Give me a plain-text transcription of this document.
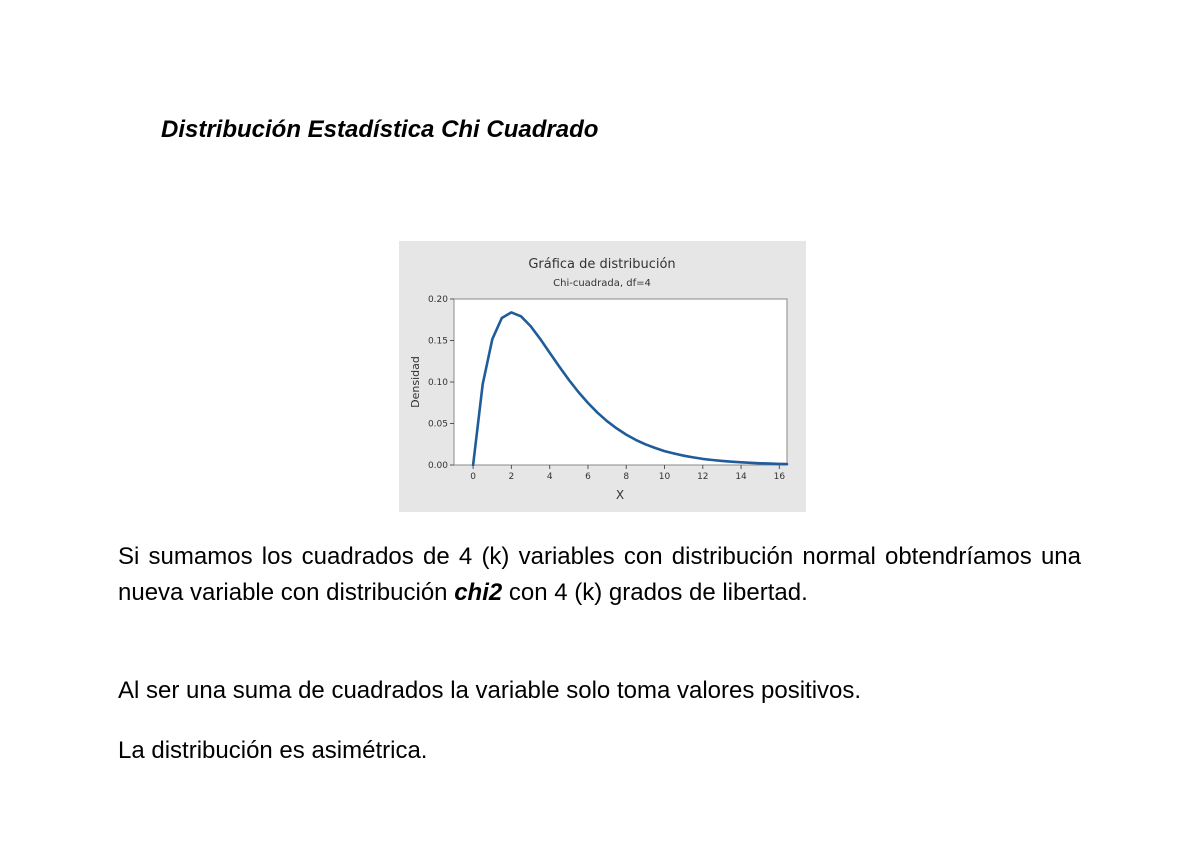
Distribución Estadística Chi Cuadrado
Gráfica de distribución
Chi-cuadrada, df=4
0	2	4	6	8	10	12	14	16
0.00
0.05
0.10
0.15
0.20
X
Densidad

Si sumamos los cuadrados de 4 (k) variables con distribución normal obtendríamos una nueva variable con distribución chi2 con 4 (k) grados de libertad.

Al ser una suma de cuadrados la variable solo toma valores positivos.

La distribución es asimétrica.
